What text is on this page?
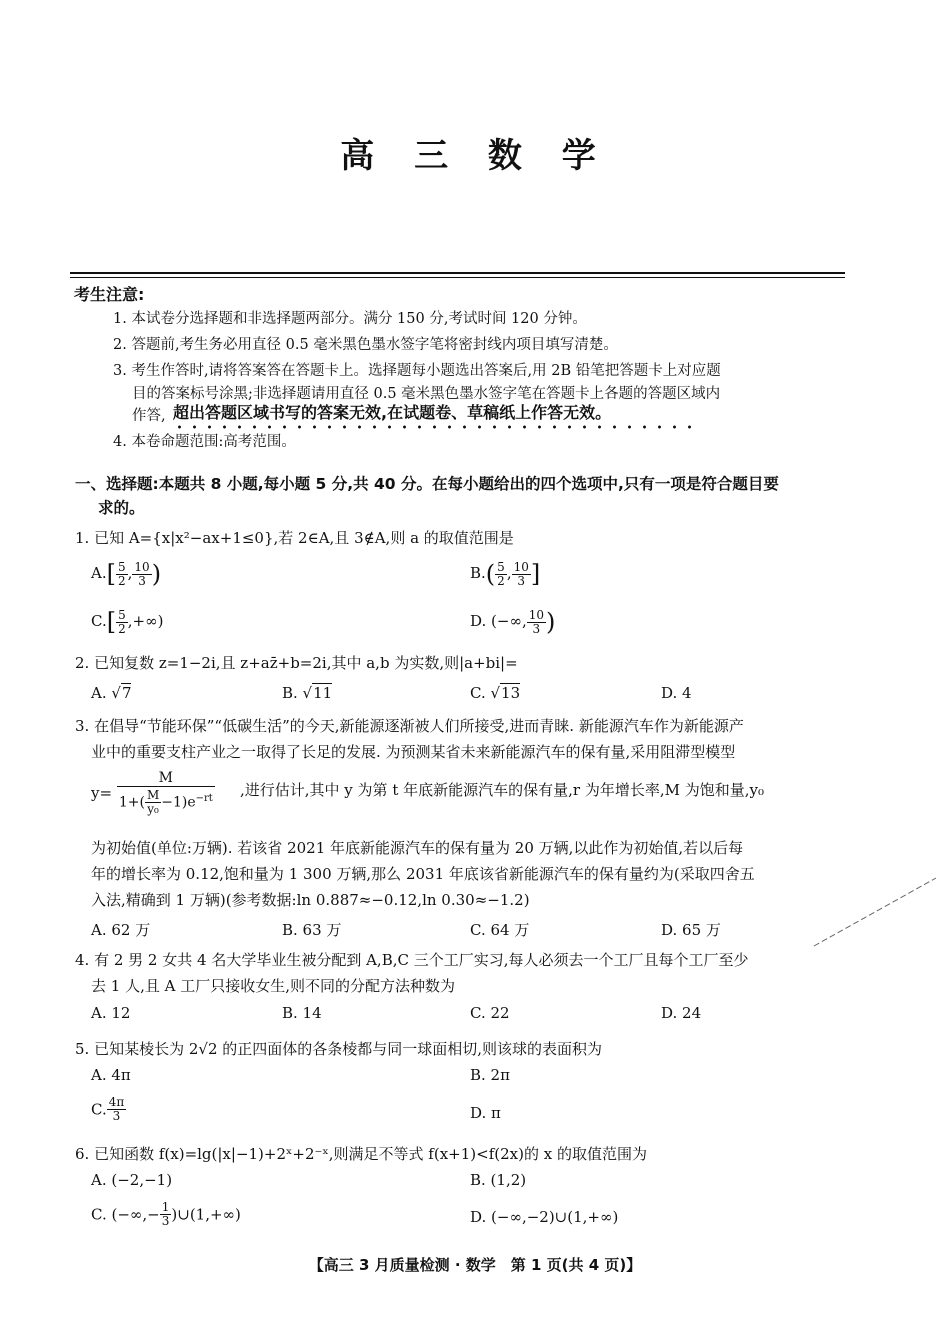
高 三 数 学
考生注意:
1. 本试卷分选择题和非选择题两部分。满分 150 分,考试时间 120 分钟。
2. 答题前,考生务必用直径 0.5 毫米黑色墨水签字笔将密封线内项目填写清楚。
3. 考生作答时,请将答案答在答题卡上。选择题每小题选出答案后,用 2B 铅笔把答题卡上对应题
目的答案标号涂黑;非选择题请用直径 0.5 毫米黑色墨水签字笔在答题卡上各题的答题区域内
作答, 超出答题区域书写的答案无效,在试题卷、草稿纸上作答无效。
4. 本卷命题范围:高考范围。
一、选择题:本题共 8 小题,每小题 5 分,共 40 分。在每小题给出的四个选项中,只有一项是符合题目要
求的。
1. 已知 A={x|x²−ax+1≤0},若 2∈A,且 3∉A,则 a 的取值范围是
$A.[ \frac{5}{2}$ , $\frac{10}{3}$ )	$B.( \frac{5}{2}$ , $\frac{10}{3}$ ]
$C.[ \frac{5}{2}$ ,+∞)	D. (−∞, $\frac{10}{3}$ )
2. 已知复数 z=1−2i,且 z+az̄+b=2i,其中 a,b 为实数,则|a+bi|=
A. √7	B. √11	C. √13	D. 4
3. 在倡导“节能环保”“低碳生活”的今天,新能源逐渐被人们所接受,进而青睐. 新能源汽车作为新能源产
业中的重要支柱产业之一取得了长足的发展. 为预测某省未来新能源汽车的保有量,采用阻滞型模型
$y= \frac{M}{1+( \frac{M}{\text{y₀}} -1)e^{-rt}}$ ,进行估计,其中 y 为第 t 年底新能源汽车的保有量,r 为年增长率,M 为饱和量,y₀
为初始值(单位:万辆). 若该省 2021 年底新能源汽车的保有量为 20 万辆,以此作为初始值,若以后每
年的增长率为 0.12,饱和量为 1 300 万辆,那么 2031 年底该省新能源汽车的保有量约为(采取四舍五
入法,精确到 1 万辆)(参考数据:ln 0.887≈−0.12,ln 0.30≈−1.2)
A. 62 万	B. 63 万	C. 64 万	D. 65 万
4. 有 2 男 2 女共 4 名大学毕业生被分配到 A,B,C 三个工厂实习,每人必须去一个工厂且每个工厂至少
去 1 人,且 A 工厂只接收女生,则不同的分配方法种数为
A. 12	B. 14	C. 22	D. 24
5. 已知某棱长为 2√2 的正四面体的各条棱都与同一球面相切,则该球的表面积为
A. 4π	B. 2π
C. $\frac{4\pi}{3}$	D. π
6. 已知函数 f(x)=lg(|x|−1)+2ˣ+2⁻ˣ,则满足不等式 f(x+1)<f(2x)的 x 的取值范围为
A. (−2,−1)	B. (1,2)
C. (−∞,− $\frac{1}{3}$ )∪(1,+∞)	D. (−∞,−2)∪(1,+∞)
【高三 3 月质量检测 · 数学　第 1 页(共 4 页)】
